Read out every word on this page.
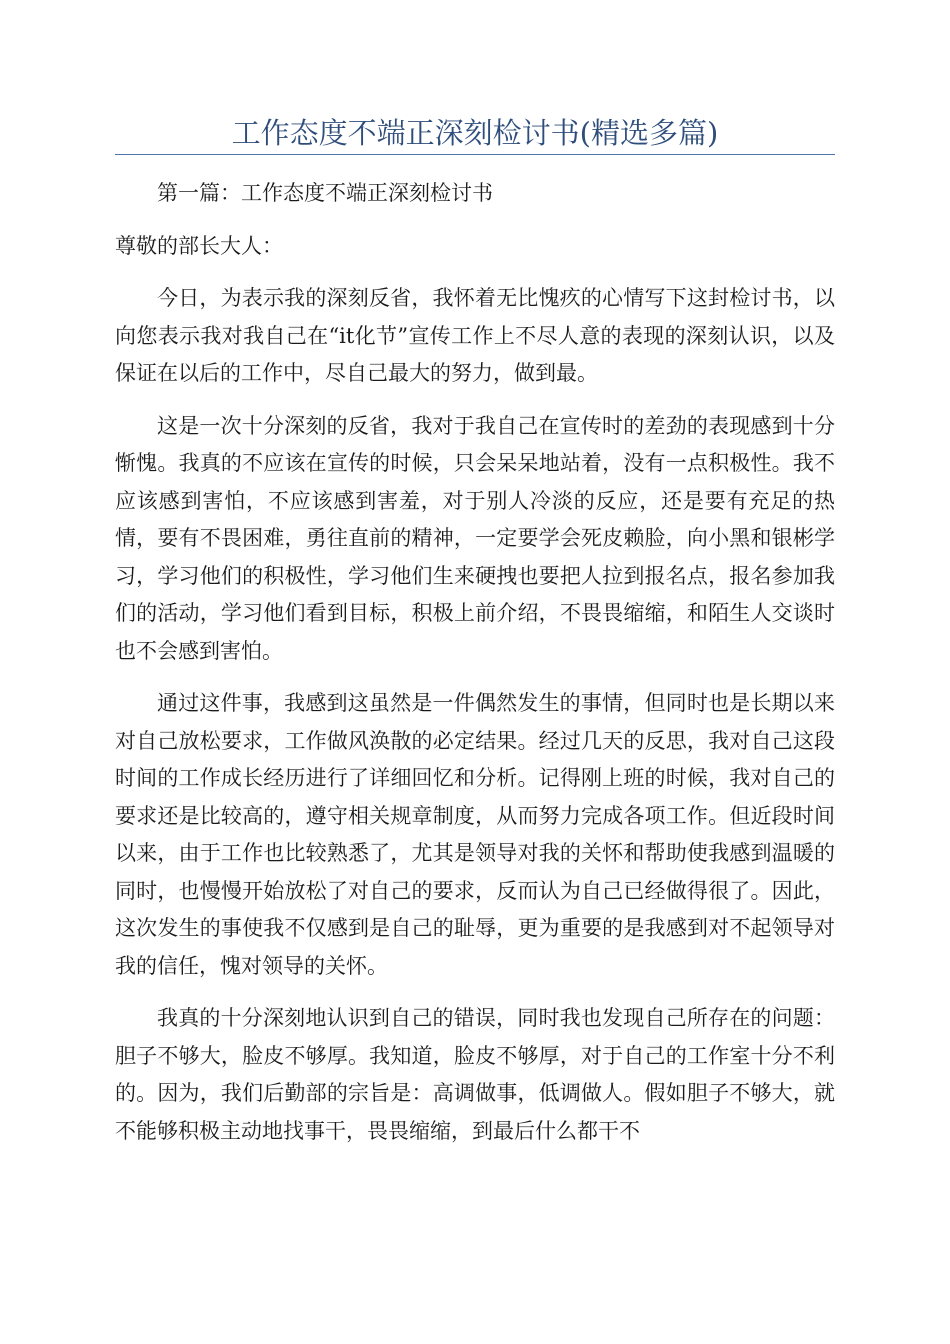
工作态度不端正深刻检讨书(精选多篇)

第一篇：工作态度不端正深刻检讨书

尊敬的部长大人：

今日，为表示我的深刻反省，我怀着无比愧疚的心情写下这封检讨书，以向您表示我对我自己在“it化节”宣传工作上不尽人意的表现的深刻认识，以及保证在以后的工作中，尽自己最大的努力，做到最。

这是一次十分深刻的反省，我对于我自己在宣传时的差劲的表现感到十分惭愧。我真的不应该在宣传的时候，只会呆呆地站着，没有一点积极性。我不应该感到害怕，不应该感到害羞，对于别人冷淡的反应，还是要有充足的热情，要有不畏困难，勇往直前的精神，一定要学会死皮赖脸，向小黑和银彬学习，学习他们的积极性，学习他们生来硬拽也要把人拉到报名点，报名参加我们的活动，学习他们看到目标，积极上前介绍，不畏畏缩缩，和陌生人交谈时也不会感到害怕。

通过这件事，我感到这虽然是一件偶然发生的事情，但同时也是长期以来对自己放松要求，工作做风涣散的必定结果。经过几天的反思，我对自己这段时间的工作成长经历进行了详细回忆和分析。记得刚上班的时候，我对自己的要求还是比较高的，遵守相关规章制度，从而努力完成各项工作。但近段时间以来，由于工作也比较熟悉了，尤其是领导对我的关怀和帮助使我感到温暖的同时，也慢慢开始放松了对自己的要求，反而认为自己已经做得很了。因此，这次发生的事使我不仅感到是自己的耻辱，更为重要的是我感到对不起领导对我的信任，愧对领导的关怀。

我真的十分深刻地认识到自己的错误，同时我也发现自己所存在的问题：胆子不够大，脸皮不够厚。我知道，脸皮不够厚，对于自己的工作室十分不利的。因为，我们后勤部的宗旨是：高调做事，低调做人。假如胆子不够大，就不能够积极主动地找事干，畏畏缩缩，到最后什么都干不
